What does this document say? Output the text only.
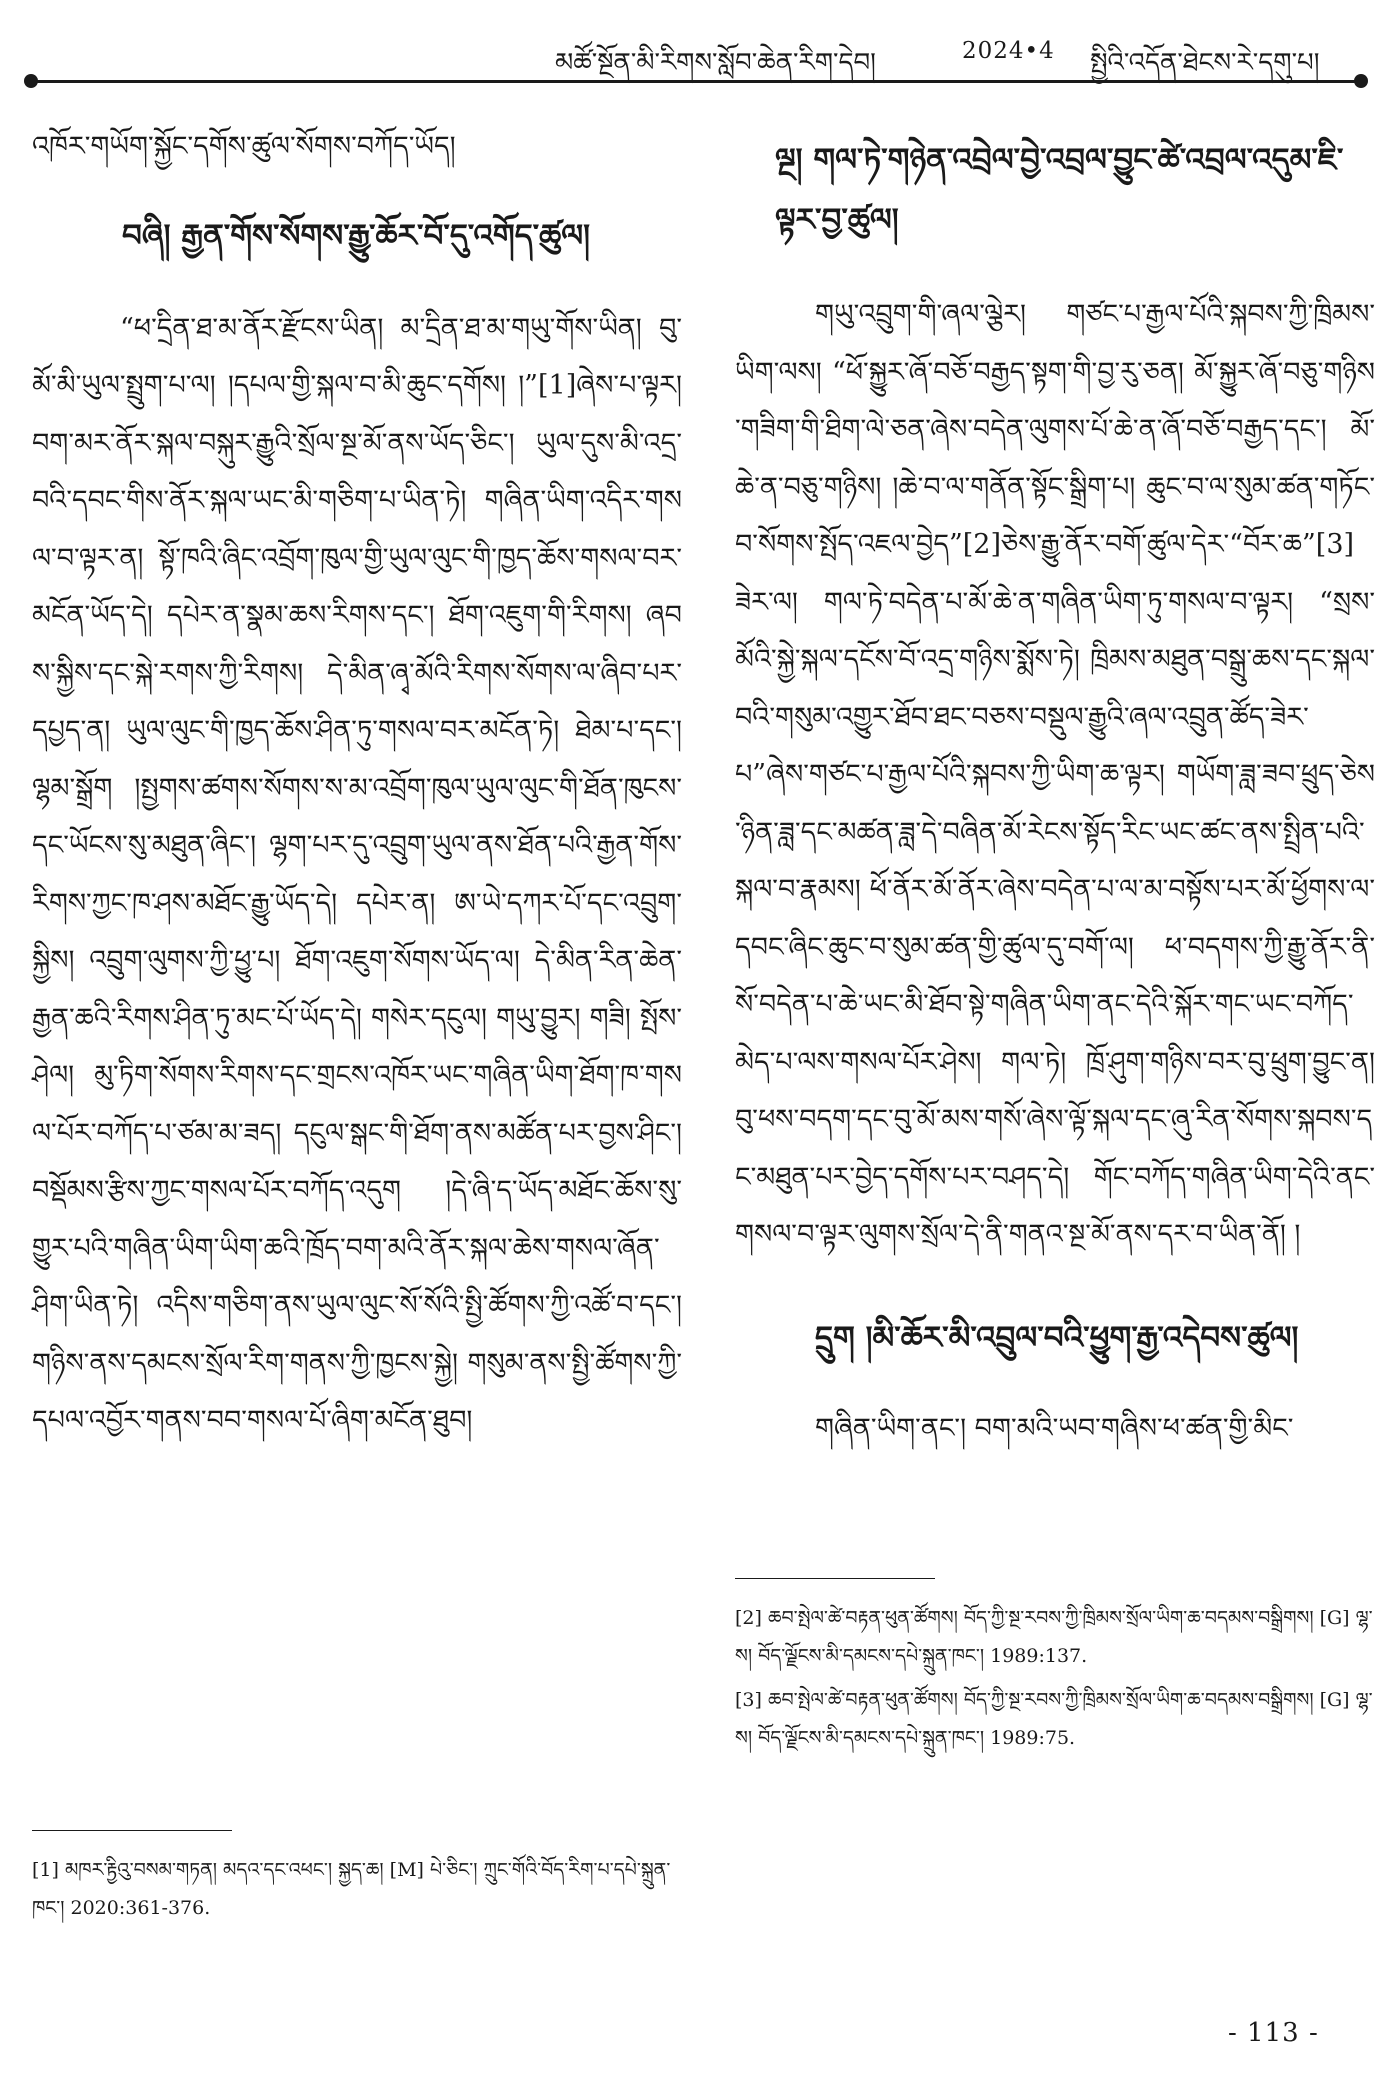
མཚོ་སྔོན་མི་རིགས་སློབ་ཆེན་རིག་དེབ།	2024•4 སྤྱིའི་འདོན་ཐེངས་རེ་དགུ་པ།

འཁོར་གཡོག་སྐྱོང་དགོས་ཚུལ་སོགས་བཀོད་ཡོད།

བཞི། རྒྱན་གོས་སོགས་རྒྱུ་ཆོར་བོ་དུ་འགོད་ཚུལ།

“ཕ་དྲིན་ཐ་མ་ནོར་རྫོངས་ཡིན། མ་དྲིན་ཐ་མ་གཡུ་གོས་ཡིན། བུ་མོ་མི་ཡུལ་སྤྲུག་པ་ལ། །དཔལ་གྱི་སྐལ་བ་མི་ཆུང་དགོས། །”[1]ཞེས་པ་ལྟར། བག་མར་ནོར་སྐལ་བསྐུར་རྒྱུའི་སྲོལ་སྔ་མོ་ནས་ཡོད་ཅིང་། ཡུལ་དུས་མི་འདྲ་བའི་དབང་གིས་ནོར་སྐལ་ཡང་མི་གཅིག་པ་ཡིན་ཏེ། གཞིན་ཡིག་འདིར་གསལ་བ་ལྟར་ན། སྟོ་ཁའི་ཞིང་འབྲོག་ཁུལ་གྱི་ཡུལ་ལུང་གི་ཁྱད་ཆོས་གསལ་བར་མངོན་ཡོད་དེ། དཔེར་ན་སྣམ་ཆས་རིགས་དང་། ཐོག་འཇུག་གི་རིགས། ཞབས་སྐྱིས་དང་སྐེ་རགས་ཀྱི་རིགས། དེ་མིན་ཞྭ་མོའི་རིགས་སོགས་ལ་ཞིབ་པར་དཔྱད་ན། ཡུལ་ལུང་གི་ཁྱད་ཆོས་ཤིན་ཏུ་གསལ་བར་མངོན་ཏེ། ཐེམ་པ་དང་། ལྷམ་སྒྲོག །སྤྱགས་ཚགས་སོགས་ས་མ་འབྲོག་ཁུལ་ཡུལ་ལུང་གི་ཐོན་ཁུངས་དང་ཡོངས་སུ་མཐུན་ཞིང་། ལྷག་པར་དུ་འབྲུག་ཡུལ་ནས་ཐོན་པའི་རྒྱན་གོས་རིགས་ཀྱང་ཁ་ཤས་མཐོང་རྒྱུ་ཡོད་དེ། དཔེར་ན། ཨ་ཡེ་དཀར་པོ་དང་འབྲུག་སྐྱིས། འབྲུག་ལུགས་ཀྱི་ཕྱུ་པ། ཐོག་འཇུག་སོགས་ཡོད་ལ། དེ་མིན་རིན་ཆེན་རྒྱན་ཆའི་རིགས་ཤིན་ཏུ་མང་པོ་ཡོད་དེ། གསེར་དངུལ། གཡུ་བྱུར། གཟི། སྤོས་ཤེལ། མུ་ཏིག་སོགས་རིགས་དང་གྲངས་འཁོར་ཡང་གཞིན་ཡིག་ཐོག་ཁ་གསལ་པོར་བཀོད་པ་ཙམ་མ་ཟད། དངུལ་སྒང་གི་ཐོག་ནས་མཚོན་པར་བྱས་ཤིང་། བསྡོམས་རྩིས་ཀྱང་གསལ་པོར་བཀོད་འདུག །དེ་ཞི་ད་ཡོད་མཐོང་ཆོས་སུ་གྱུར་པའི་གཞིན་ཡིག་ཡིག་ཆའི་ཁྲོད་བག་མའི་ནོར་སྐལ་ཆེས་གསལ་ཞོན་ཤིག་ཡིན་ཏེ། འདིས་གཅིག་ནས་ཡུལ་ལུང་སོ་སོའི་སྤྱི་ཚོགས་ཀྱི་འཚོ་བ་དང་། གཉིས་ནས་དམངས་སྲོལ་རིག་གནས་ཀྱི་ཁྱངས་སྐྱེ། གསུམ་ནས་སྤྱི་ཚོགས་ཀྱི་དཔལ་འབྱོར་གནས་བབ་གསལ་པོ་ཞིག་མངོན་ཐུབ།

ལྔ། གལ་ཏེ་གཉེན་འབྲེལ་བྱེ་འབྲལ་བྱུང་ཚེ་འབྲལ་འདུམ་ཇི་ལྟར་བྱ་ཚུལ།

གཡུ་འབྲུག་གི་ཞལ་ལྕེར། གཙང་པ་རྒྱལ་པོའི་སྐབས་ཀྱི་ཁྲིམས་ཡིག་ལས། “ཕོ་སྐྱུར་ཞོ་བཅོ་བརྒྱད་སྟག་གི་བྱ་རུ་ཅན། མོ་སྐྱུར་ཞོ་བཅུ་གཉིས་གཟིག་གི་ཐིག་ལེ་ཅན་ཞེས་བདེན་ལུགས་པོ་ཆེ་ན་ཞོ་བཅོ་བརྒྱད་དང་། མོ་ཆེ་ན་བཅུ་གཉིས། །ཆེ་བ་ལ་གནོན་སྟོང་སྒྲིག་པ། ཆུང་བ་ལ་སུམ་ཚན་གཏོང་བ་སོགས་སྤོད་འཇལ་བྱེད”[2]ཅེས་རྒྱུ་ནོར་བགོ་ཚུལ་དེར་“བོར་ཆ”[3]ཟེར་ལ། གལ་ཏེ་བདེན་པ་མོ་ཆེ་ན་གཞིན་ཡིག་ཏུ་གསལ་བ་ལྟར། “སྲས་མོའི་སྐྱེ་སྐལ་དངོས་བོ་འདྲ་གཉིས་སྨོས་ཏེ། ཁྲིམས་མཐུན་བསྒྲུ་ཆས་དང་སྐལ་བའི་གསུམ་འགྱུར་ཐོབ་ཐང་བཅས་བསྡུལ་རྒྱུའི་ཞལ་འབྲུན་ཚོད་ཟེར་པ”ཞེས་གཙང་པ་རྒྱལ་པོའི་སྐབས་ཀྱི་ཡིག་ཆ་ལྟར། གཡོག་ཟླ་ཟབ་ཕྲུད་ཅེས་ཉིན་ཟླ་དང་མཚན་ཟླ་དེ་བཞིན་མོ་རེངས་སྟོད་རིང་ཡང་ཚང་ནས་སྤྲིན་པའི་སྐལ་བ་རྣམས། ཕོ་ནོར་མོ་ནོར་ཞེས་བདེན་པ་ལ་མ་བསྟོས་པར་མོ་ཕྱོགས་ལ་དབང་ཞིང་ཆུང་བ་སུམ་ཚན་གྱི་ཚུལ་དུ་བགོ་ལ། ཕ་བདགས་ཀྱི་རྒྱུ་ནོར་ནི་སོ་བདེན་པ་ཆེ་ཡང་མི་ཐོབ་སྟེ་གཞིན་ཡིག་ནང་དེའི་སྐོར་གང་ཡང་བཀོད་མེད་པ་ལས་གསལ་པོར་ཤེས། གལ་ཏེ། ཁྲོ་ཤུག་གཉིས་བར་བུ་ཕྲུག་བྱུང་ན། བུ་ཕས་བདག་དང་བུ་མོ་མས་གསོ་ཞེས་ལྟོ་སྐལ་དང་ཞུ་རིན་སོགས་སྐབས་དང་མཐུན་པར་བྱེད་དགོས་པར་བཤད་དེ། གོང་བཀོད་གཞིན་ཡིག་དེའི་ནང་གསལ་བ་ལྟར་ལུགས་སྲོལ་དེ་ནི་གནའ་སྔ་མོ་ནས་དར་བ་ཡིན་ནོ། །

དྲུག །མི་ཆོར་མི་འབྲུལ་བའི་ཕྱུག་རྒྱ་འདེབས་ཚུལ།

གཞིན་ཡིག་ནང་། བག་མའི་ཡབ་གཞིས་ཕ་ཚན་གྱི་མིང་

[1] མཁར་རྟྱིའུ་བསམ་གཏན། མདའ་དང་འཕང་། སྐྱད་ཆ། [M] པེ་ཅིང་། ཀྲུང་གོའི་བོད་རིག་པ་དཔེ་སྐྲུན་ཁང་། 2020:361-376.

[2] ཆབ་སྤེལ་ཚེ་བརྟན་ཕུན་ཚོགས། བོད་ཀྱི་སྔ་རབས་ཀྱི་ཁྲིམས་སྲོལ་ཡིག་ཆ་བདམས་བསྒྲིགས། [G] ལྷ་ས། བོད་ལྗོངས་མི་དམངས་དཔེ་སྐྲུན་ཁང་། 1989:137.

[3] ཆབ་སྤེལ་ཚེ་བརྟན་ཕུན་ཚོགས། བོད་ཀྱི་སྔ་རབས་ཀྱི་ཁྲིམས་སྲོལ་ཡིག་ཆ་བདམས་བསྒྲིགས། [G] ལྷ་ས། བོད་ལྗོངས་མི་དམངས་དཔེ་སྐྲུན་ཁང་། 1989:75.

- 113 -
